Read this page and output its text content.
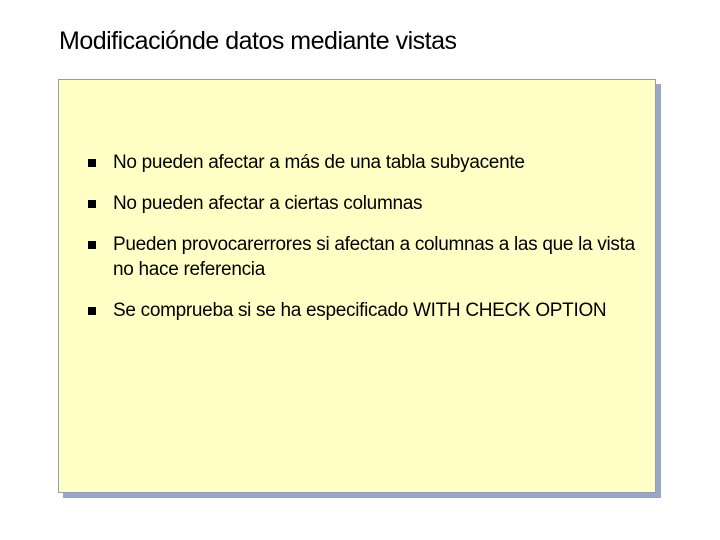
Modificaciónde datos mediante vistas
No pueden afectar a más de una tabla subyacente
No pueden afectar a ciertas columnas
Pueden provocarerrores si afectan a columnas a las que la vista no hace referencia
Se comprueba si se ha especificado WITH CHECK OPTION
